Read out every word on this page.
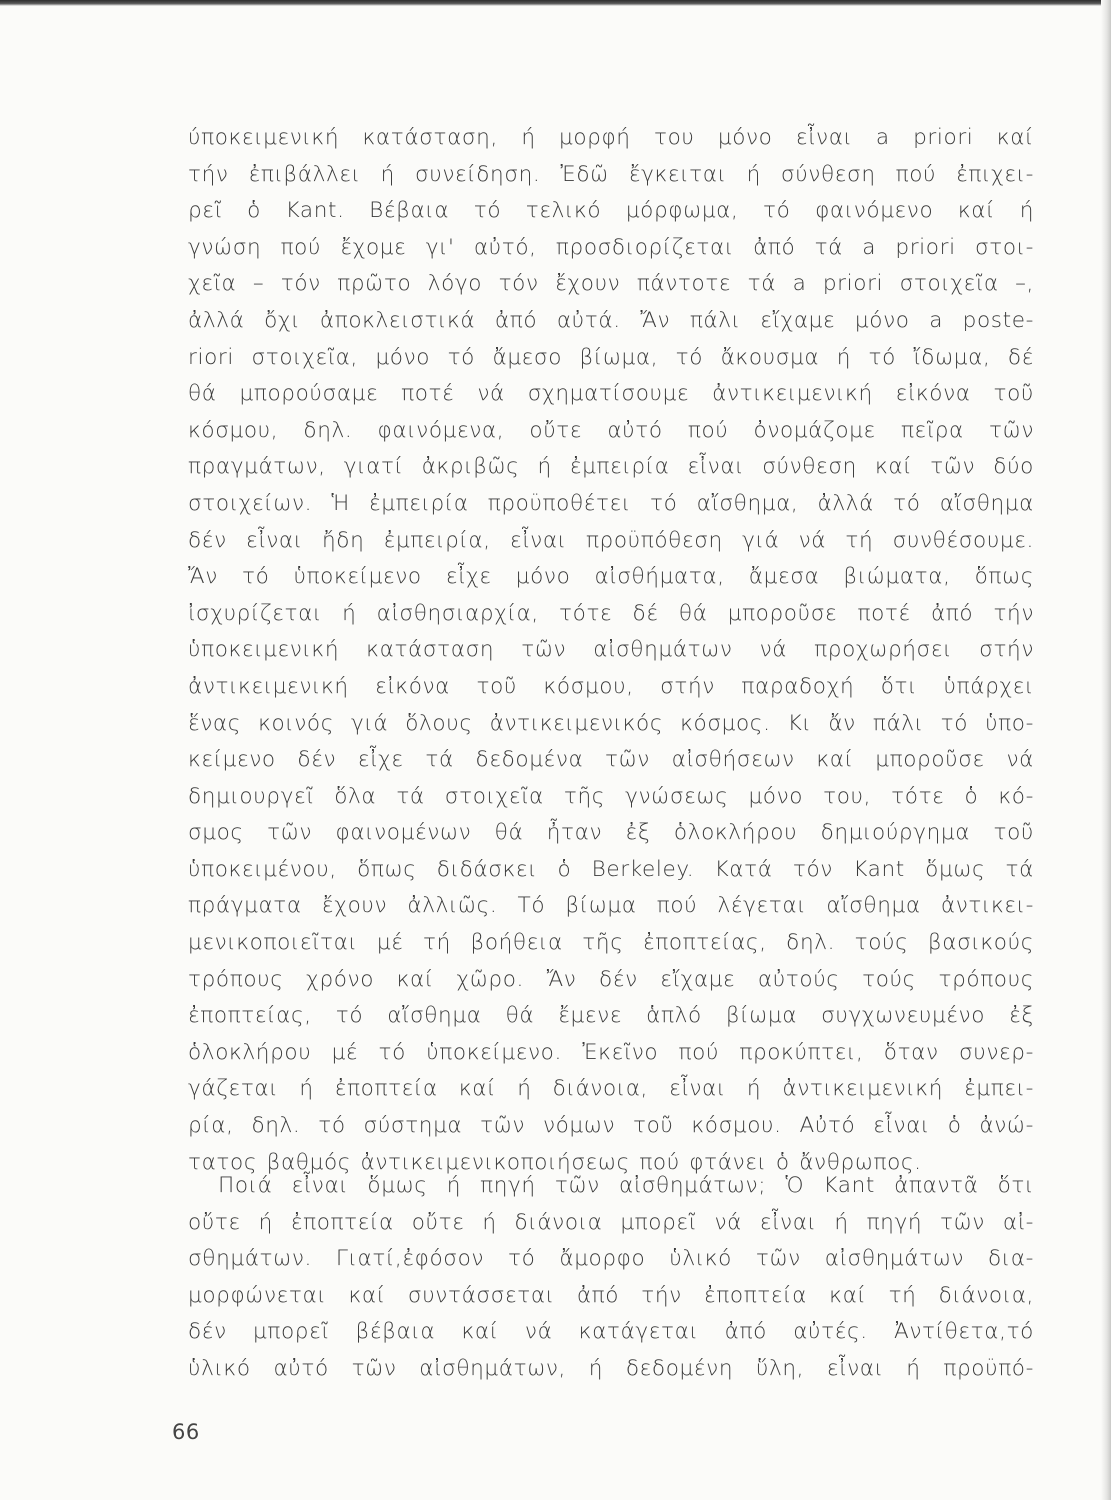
ύποκειμενική κατάσταση, ή μορφή του μόνο εἶναι a priori καί
τήν ἐπιβάλλει ή συνείδηση. Ἐδῶ ἔγκειται ή σύνθεση πού ἐπιχει-
ρεῖ ὁ Kant. Βέβαια τό τελικό μόρφωμα, τό φαινόμενο καί ή
γνώση πού ἔχομε γι' αὐτό, προσδιορίζεται ἀπό τά a priori στοι-
χεῖα – τόν πρῶτο λόγο τόν ἔχουν πάντοτε τά a priori στοιχεῖα –,
ἀλλά ὄχι ἀποκλειστικά ἀπό αὐτά. Ἄν πάλι εἴχαμε μόνο a poste-
riori στοιχεῖα, μόνο τό ἄμεσο βίωμα, τό ἄκουσμα ή τό ἴδωμα, δέ
θά μπορούσαμε ποτέ νά σχηματίσουμε ἀντικειμενική εἰκόνα τοῦ
κόσμου, δηλ. φαινόμενα, οὔτε αὐτό πού ὀνομάζομε πεῖρα τῶν
πραγμάτων, γιατί ἀκριβῶς ή ἐμπειρία εἶναι σύνθεση καί τῶν δύο
στοιχείων. Ἡ ἐμπειρία προϋποθέτει τό αἴσθημα, ἀλλά τό αἴσθημα
δέν εἶναι ἤδη ἐμπειρία, εἶναι προϋπόθεση γιά νά τή συνθέσουμε.
Ἄν τό ὑποκείμενο εἶχε μόνο αἰσθήματα, ἄμεσα βιώματα, ὅπως
ἰσχυρίζεται ή αἰσθησιαρχία, τότε δέ θά μποροῦσε ποτέ ἀπό τήν
ὑποκειμενική κατάσταση τῶν αἰσθημάτων νά προχωρήσει στήν
ἀντικειμενική εἰκόνα τοῦ κόσμου, στήν παραδοχή ὅτι ὑπάρχει
ἕνας κοινός γιά ὅλους ἀντικειμενικός κόσμος. Κι ἄν πάλι τό ὑπο-
κείμενο δέν εἶχε τά δεδομένα τῶν αἰσθήσεων καί μποροῦσε νά
δημιουργεῖ ὅλα τά στοιχεῖα τῆς γνώσεως μόνο του, τότε ὁ κό-
σμος τῶν φαινομένων θά ἦταν ἐξ ὁλοκλήρου δημιούργημα τοῦ
ὑποκειμένου, ὅπως διδάσκει ὁ Berkeley. Κατά τόν Kant ὅμως τά
πράγματα ἔχουν ἀλλιῶς. Τό βίωμα πού λέγεται αἴσθημα ἀντικει-
μενικοποιεῖται μέ τή βοήθεια τῆς ἐποπτείας, δηλ. τούς βασικούς
τρόπους χρόνο καί χῶρο. Ἄν δέν εἴχαμε αὐτούς τούς τρόπους
ἐποπτείας, τό αἴσθημα θά ἔμενε ἁπλό βίωμα συγχωνευμένο ἐξ
ὁλοκλήρου μέ τό ὑποκείμενο. Ἐκεῖνο πού προκύπτει, ὅταν συνερ-
γάζεται ή ἐποπτεία καί ή διάνοια, εἶναι ή ἀντικειμενική ἐμπει-
ρία, δηλ. τό σύστημα τῶν νόμων τοῦ κόσμου. Αὐτό εἶναι ὁ ἀνώ-
τατος βαθμός ἀντικειμενικοποιήσεως πού φτάνει ὁ ἄνθρωπος.
Ποιά εἶναι ὅμως ή πηγή τῶν αἰσθημάτων; Ὁ Kant ἀπαντᾶ ὅτι
οὔτε ή ἐποπτεία οὔτε ή διάνοια μπορεῖ νά εἶναι ή πηγή τῶν αἰ-
σθημάτων. Γιατί,ἐφόσον τό ἄμορφο ὑλικό τῶν αἰσθημάτων δια-
μορφώνεται καί συντάσσεται ἀπό τήν ἐποπτεία καί τή διάνοια,
δέν μπορεῖ βέβαια καί νά κατάγεται ἀπό αὐτές. Ἀντίθετα,τό
ὑλικό αὐτό τῶν αἰσθημάτων, ή δεδομένη ὕλη, εἶναι ή προϋπό-
66
